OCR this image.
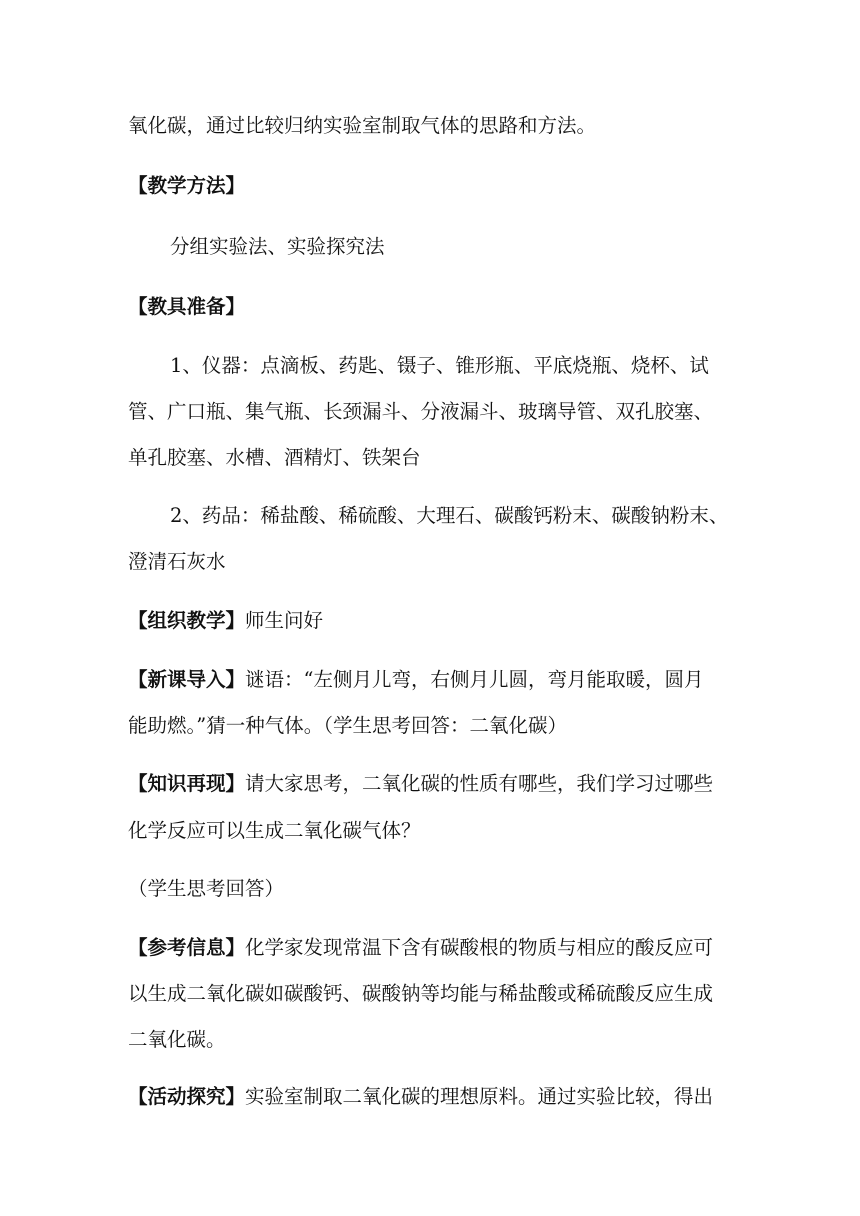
氧化碳，通过比较归纳实验室制取气体的思路和方法。
【教学方法】
分组实验法、实验探究法
【教具准备】
1、仪器：点滴板、药匙、镊子、锥形瓶、平底烧瓶、烧杯、试
管、广口瓶、集气瓶、长颈漏斗、分液漏斗、玻璃导管、双孔胶塞、
单孔胶塞、水槽、酒精灯、铁架台
2、药品：稀盐酸、稀硫酸、大理石、碳酸钙粉末、碳酸钠粉末、
澄清石灰水
【组织教学】师生问好
【新课导入】谜语：“左侧月儿弯，右侧月儿圆，弯月能取暖，圆月
能助燃。”猜一种气体。（学生思考回答：二氧化碳）
【知识再现】请大家思考，二氧化碳的性质有哪些，我们学习过哪些
化学反应可以生成二氧化碳气体？
（学生思考回答）
【参考信息】化学家发现常温下含有碳酸根的物质与相应的酸反应可
以生成二氧化碳如碳酸钙、碳酸钠等均能与稀盐酸或稀硫酸反应生成
二氧化碳。
【活动探究】实验室制取二氧化碳的理想原料。通过实验比较，得出
